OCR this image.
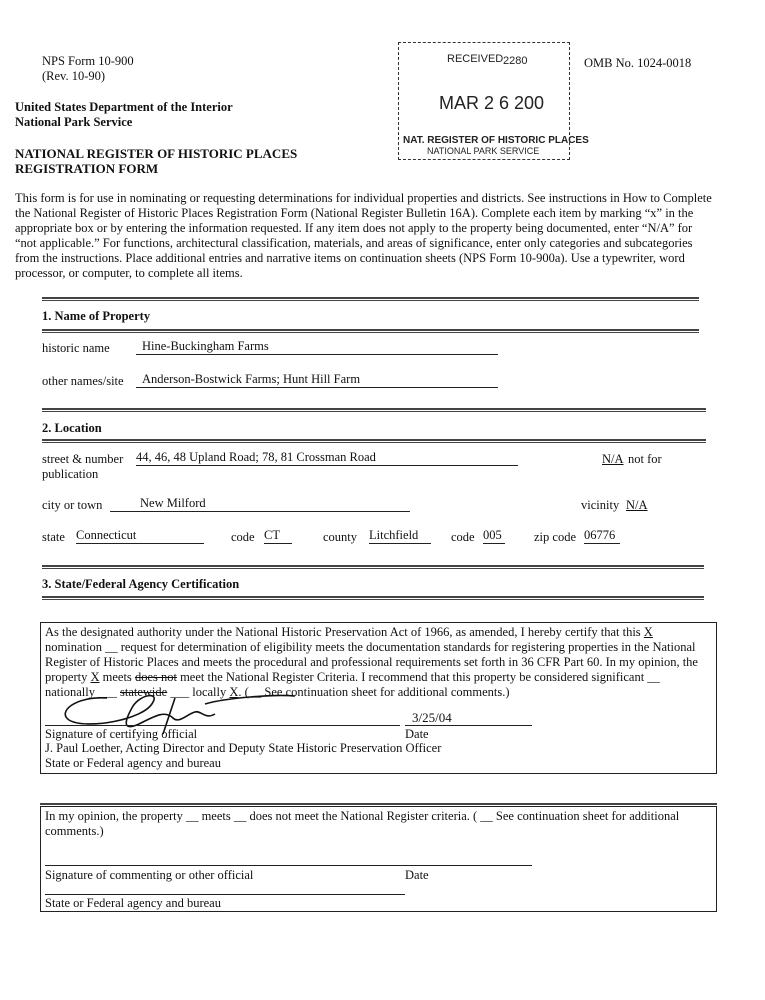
NPS Form 10-900
(Rev. 10-90)
United States Department of the Interior
National Park Service
OMB No. 1024-0018
NATIONAL REGISTER OF HISTORIC PLACES
REGISTRATION FORM
RECEIVED 2280
MAR 2 6 200
NAT. REGISTER OF HISTORIC PLACES
NATIONAL PARK SERVICE
This form is for use in nominating or requesting determinations for individual properties and districts. See instructions in How to Complete the National Register of Historic Places Registration Form (National Register Bulletin 16A). Complete each item by marking “x” in the appropriate box or by entering the information requested. If any item does not apply to the property being documented, enter “N/A” for “not applicable.” For functions, architectural classification, materials, and areas of significance, enter only categories and subcategories from the instructions. Place additional entries and narrative items on continuation sheets (NPS Form 10-900a). Use a typewriter, word processor, or computer, to complete all items.
1. Name of Property
historic name	Hine-Buckingham Farms
other names/site	Anderson-Bostwick Farms; Hunt Hill Farm
2. Location
street & number
publication
44, 46, 48 Upland Road; 78, 81 Crossman Road	N/A not for
city or town	New Milford	vicinity N/A
state Connecticut	code CT	county Litchfield	code 005	zip code 06776
3. State/Federal Agency Certification
As the designated authority under the National Historic Preservation Act of 1966, as amended, I hereby certify that this X
nomination __ request for determination of eligibility meets the documentation standards for registering properties in the National
Register of Historic Places and meets the procedural and professional requirements set forth in 36 CFR Part 60. In my opinion, the
property X meets does not meet the National Register Criteria. I recommend that this property be considered significant __
nationally ___ statewide ___ locally X. (__ See continuation sheet for additional comments.)
3/25/04
Signature of certifying official	Date
J. Paul Loether, Acting Director and Deputy State Historic Preservation Officer
State or Federal agency and bureau
In my opinion, the property __ meets __ does not meet the National Register criteria. ( __ See continuation sheet for additional
comments.)
Signature of commenting or other official	Date
State or Federal agency and bureau
